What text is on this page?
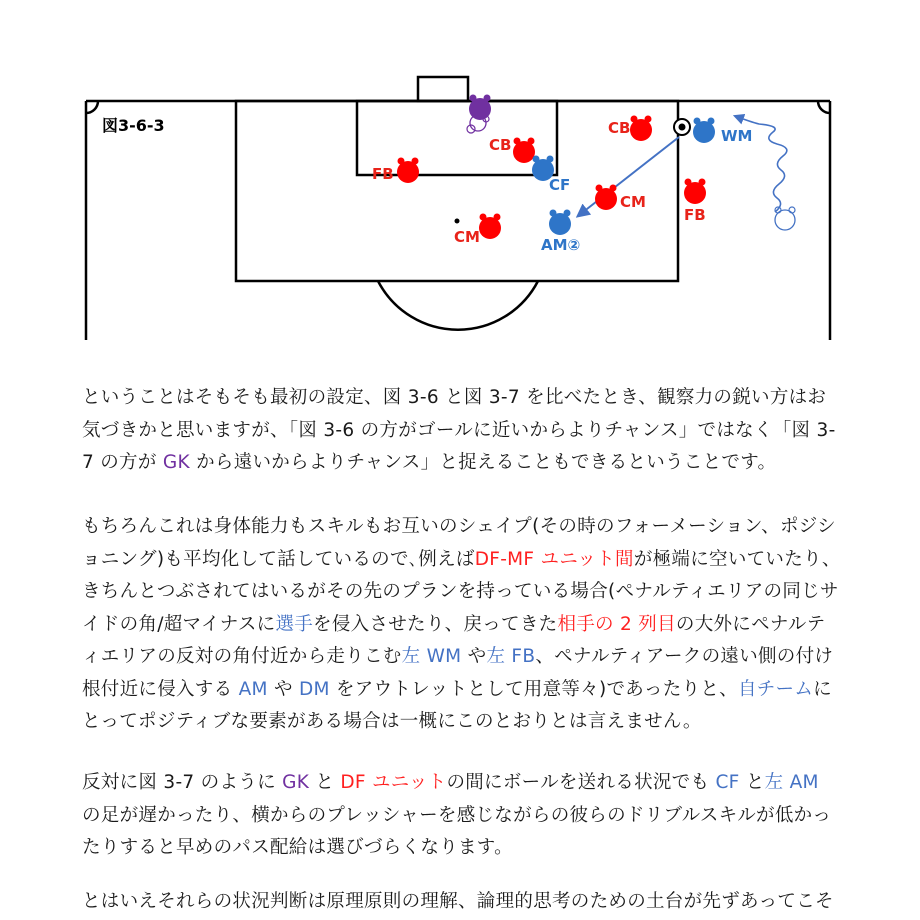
図3-6-3
CB
CB
FB
FB
CM
CM
CF
WM
AM②
ということはそもそも最初の設定、図 3-6 と図 3-7 を比べたとき、観察力の鋭い方はお気づきかと思いますが、「図 3-6 の方がゴールに近いからよりチャンス」ではなく「図 3-7 の方が GK から遠いからよりチャンス」と捉えることもできるということです。
もちろんこれは身体能力もスキルもお互いのシェイプ(その時のフォーメーション、ポジショニング)も平均化して話しているので､例えばDF-MF ユニット間が極端に空いていたり、きちんとつぶされてはいるがその先のプランを持っている場合(ペナルティエリアの同じサイドの角/超マイナスに選手を侵入させたり、戻ってきた相手の 2 列目の大外にペナルティエリアの反対の角付近から走りこむ左 WM や左 FB、ペナルティアークの遠い側の付け根付近に侵入する AM や DM をアウトレットとして用意等々)であったりと、自チームにとってポジティブな要素がある場合は一概にこのとおりとは言えません。
反対に図 3-7 のように GK と DF ユニットの間にボールを送れる状況でも CF と左 AM の足が遅かったり、横からのプレッシャーを感じながらの彼らのドリブルスキルが低かったりすると早めのパス配給は選びづらくなります。
とはいえそれらの状況判断は原理原則の理解、論理的思考のための土台が先ずあってこそ
